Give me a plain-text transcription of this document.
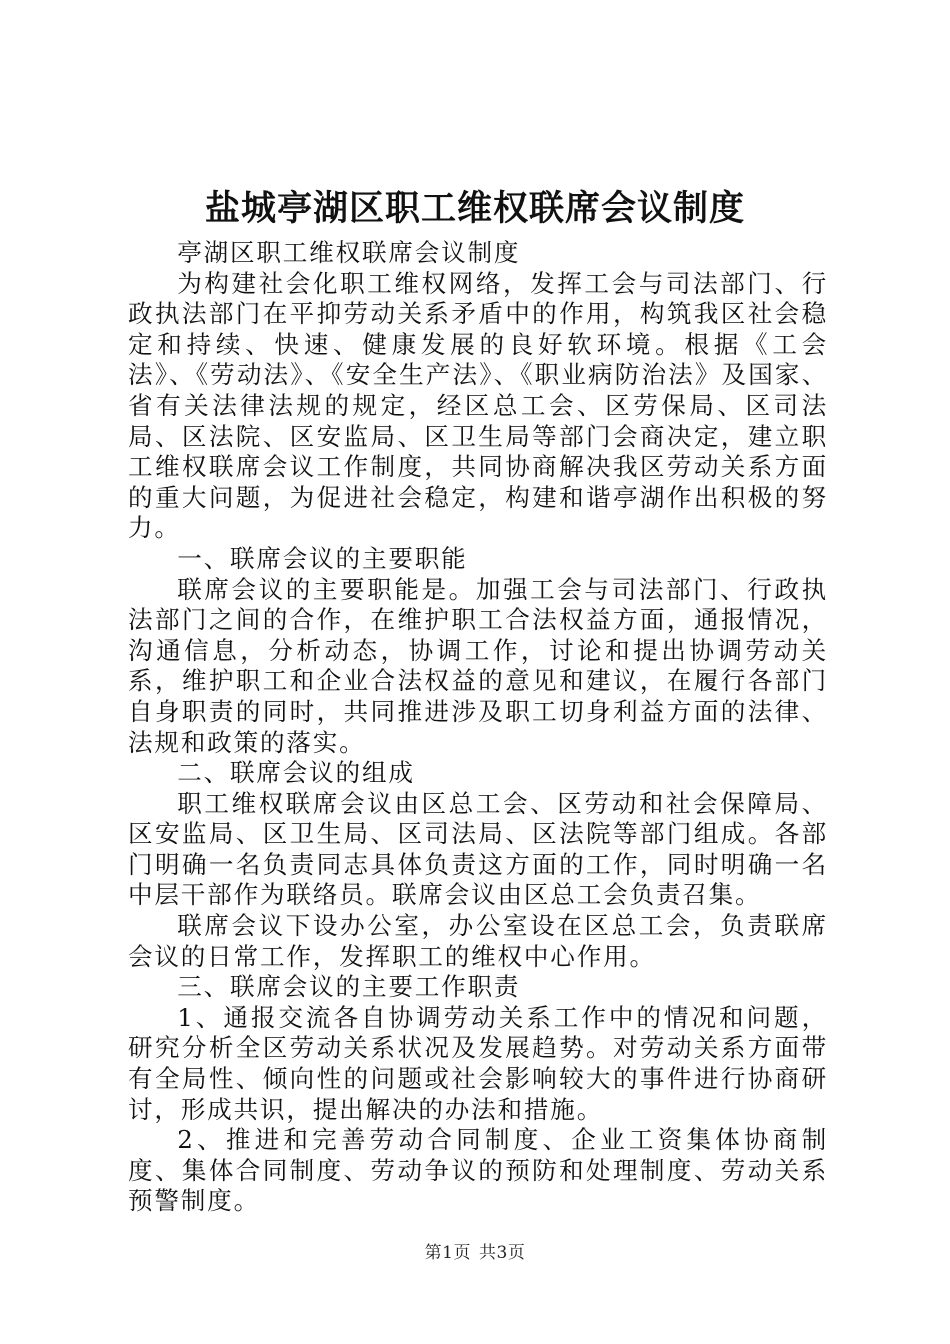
盐城亭湖区职工维权联席会议制度

亭湖区职工维权联席会议制度

为构建社会化职工维权网络，发挥工会与司法部门、行政执法部门在平抑劳动关系矛盾中的作用，构筑我区社会稳定和持续、快速、健康发展的良好软环境。根据《工会法》、《劳动法》、《安全生产法》、《职业病防治法》及国家、省有关法律法规的规定，经区总工会、区劳保局、区司法局、区法院、区安监局、区卫生局等部门会商决定，建立职工维权联席会议工作制度，共同协商解决我区劳动关系方面的重大问题，为促进社会稳定，构建和谐亭湖作出积极的努力。

一、联席会议的主要职能

联席会议的主要职能是。加强工会与司法部门、行政执法部门之间的合作，在维护职工合法权益方面，通报情况，沟通信息，分析动态，协调工作，讨论和提出协调劳动关系，维护职工和企业合法权益的意见和建议，在履行各部门自身职责的同时，共同推进涉及职工切身利益方面的法律、法规和政策的落实。

二、联席会议的组成

职工维权联席会议由区总工会、区劳动和社会保障局、区安监局、区卫生局、区司法局、区法院等部门组成。各部门明确一名负责同志具体负责这方面的工作，同时明确一名中层干部作为联络员。联席会议由区总工会负责召集。

联席会议下设办公室，办公室设在区总工会，负责联席会议的日常工作，发挥职工的维权中心作用。

三、联席会议的主要工作职责

1、通报交流各自协调劳动关系工作中的情况和问题，研究分析全区劳动关系状况及发展趋势。对劳动关系方面带有全局性、倾向性的问题或社会影响较大的事件进行协商研讨，形成共识，提出解决的办法和措施。

2、推进和完善劳动合同制度、企业工资集体协商制度、集体合同制度、劳动争议的预防和处理制度、劳动关系预警制度。

第1页 共3页
